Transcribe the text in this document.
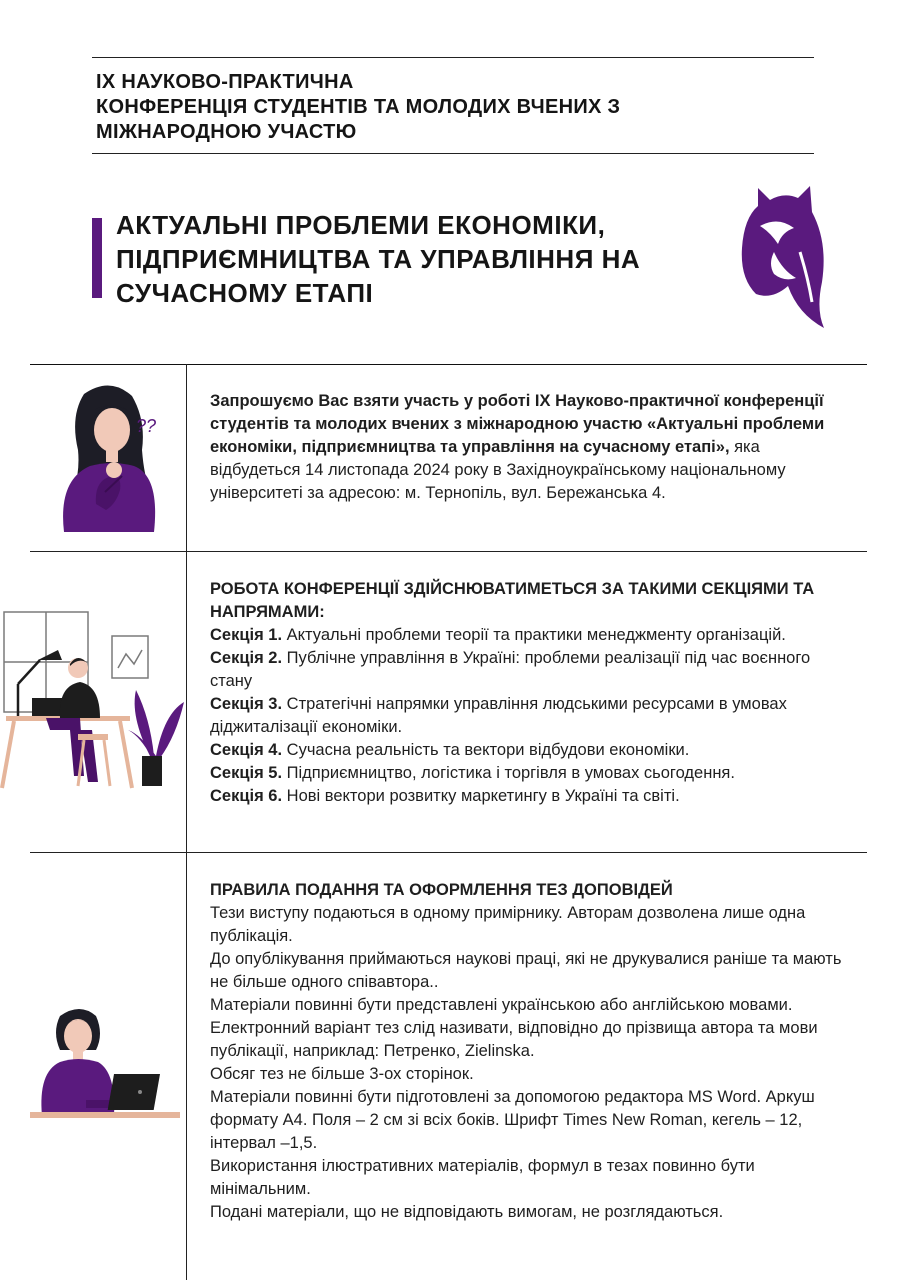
IX НАУКОВО-ПРАКТИЧНА
КОНФЕРЕНЦІЯ СТУДЕНТІВ ТА МОЛОДИХ ВЧЕНИХ З
МІЖНАРОДНОЮ УЧАСТЮ
АКТУАЛЬНІ ПРОБЛЕМИ ЕКОНОМІКИ,
ПІДПРИЄМНИЦТВА ТА УПРАВЛІННЯ НА
СУЧАСНОМУ ЕТАПІ
??

Запрошуємо Вас взяти участь у роботі IX Науково-практичної конференції студентів та молодих вчених з міжнародною участю «Актуальні проблеми економіки, підприємництва та управління на сучасному етапі», яка відбудеться 14 листопада 2024 року в Західноукраїнському національному університеті за адресою: м. Тернопіль, вул. Бережанська 4.

РОБОТА КОНФЕРЕНЦІЇ ЗДІЙСНЮВАТИМЕТЬСЯ ЗА ТАКИМИ СЕКЦІЯМИ ТА НАПРЯМАМИ:

Секція 1. Актуальні проблеми теорії та практики менеджменту організацій.

Секція 2. Публічне управління в Україні: проблеми реалізації під час воєнного стану

Секція 3. Стратегічні напрямки управління людськими ресурсами в умовах діджиталізації економіки.

Секція 4. Сучасна реальність та вектори відбудови економіки.

Секція 5. Підприємництво, логістика і торгівля в умовах сьогодення.

Секція 6. Нові вектори розвитку маркетингу в Україні та світі.

ПРАВИЛА ПОДАННЯ ТА ОФОРМЛЕННЯ ТЕЗ ДОПОВІДЕЙ

Тези виступу подаються в одному примірнику. Авторам дозволена лише одна публікація.

До опублікування приймаються наукові праці, які не друкувалися раніше та мають не більше одного співавтора..

Матеріали повинні бути представлені українською або англійською мовами.

Електронний варіант тез слід називати, відповідно до прізвища автора та мови публікації, наприклад: Петренко, Zielinska.

Обсяг тез не більше 3-ох сторінок.

Матеріали повинні бути підготовлені за допомогою редактора MS Word. Аркуш формату А4. Поля – 2 см зі всіх боків. Шрифт Times New Roman, кегель – 12, інтервал –1,5.

Використання ілюстративних матеріалів, формул в тезах повинно бути мінімальним.

Подані матеріали, що не відповідають вимогам, не розглядаються.
